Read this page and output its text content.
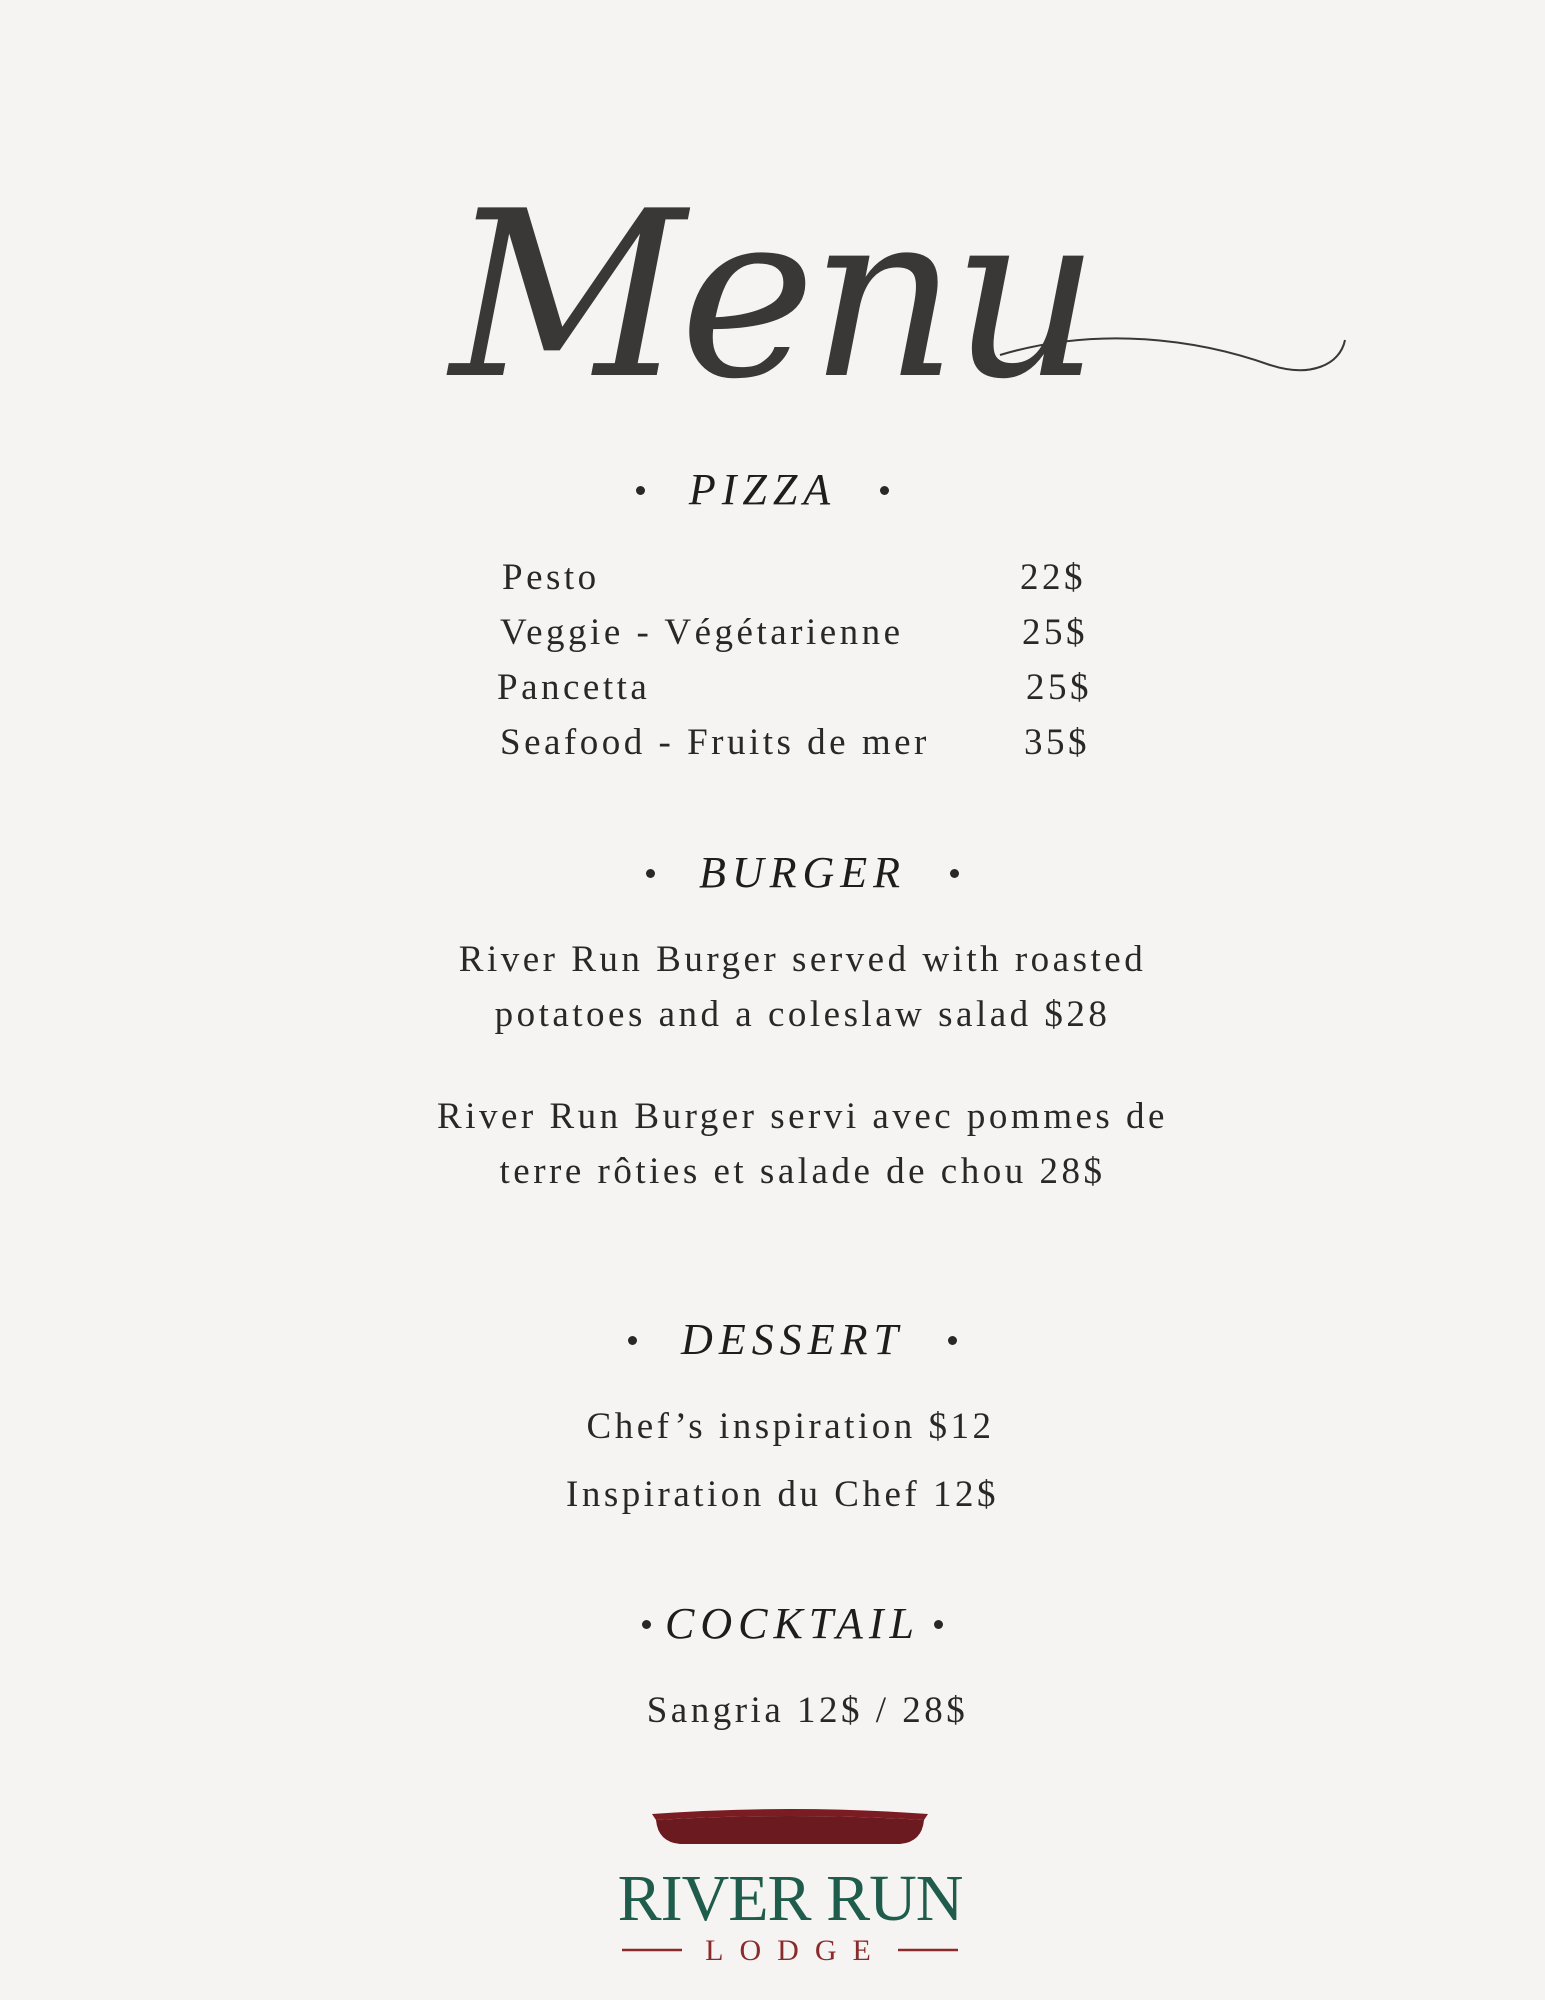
Menu
PIZZA
Pesto	22$
Veggie - Végétarienne	25$
Pancetta	25$
Seafood - Fruits de mer	35$
BURGER
River Run Burger served with roasted
potatoes and a coleslaw salad $28
River Run Burger servi avec pommes de
terre rôties et salade de chou 28$
DESSERT
Chef’s inspiration $12
Inspiration du Chef 12$
COCKTAIL
Sangria 12$ / 28$
RIVER RUN
LODGE
